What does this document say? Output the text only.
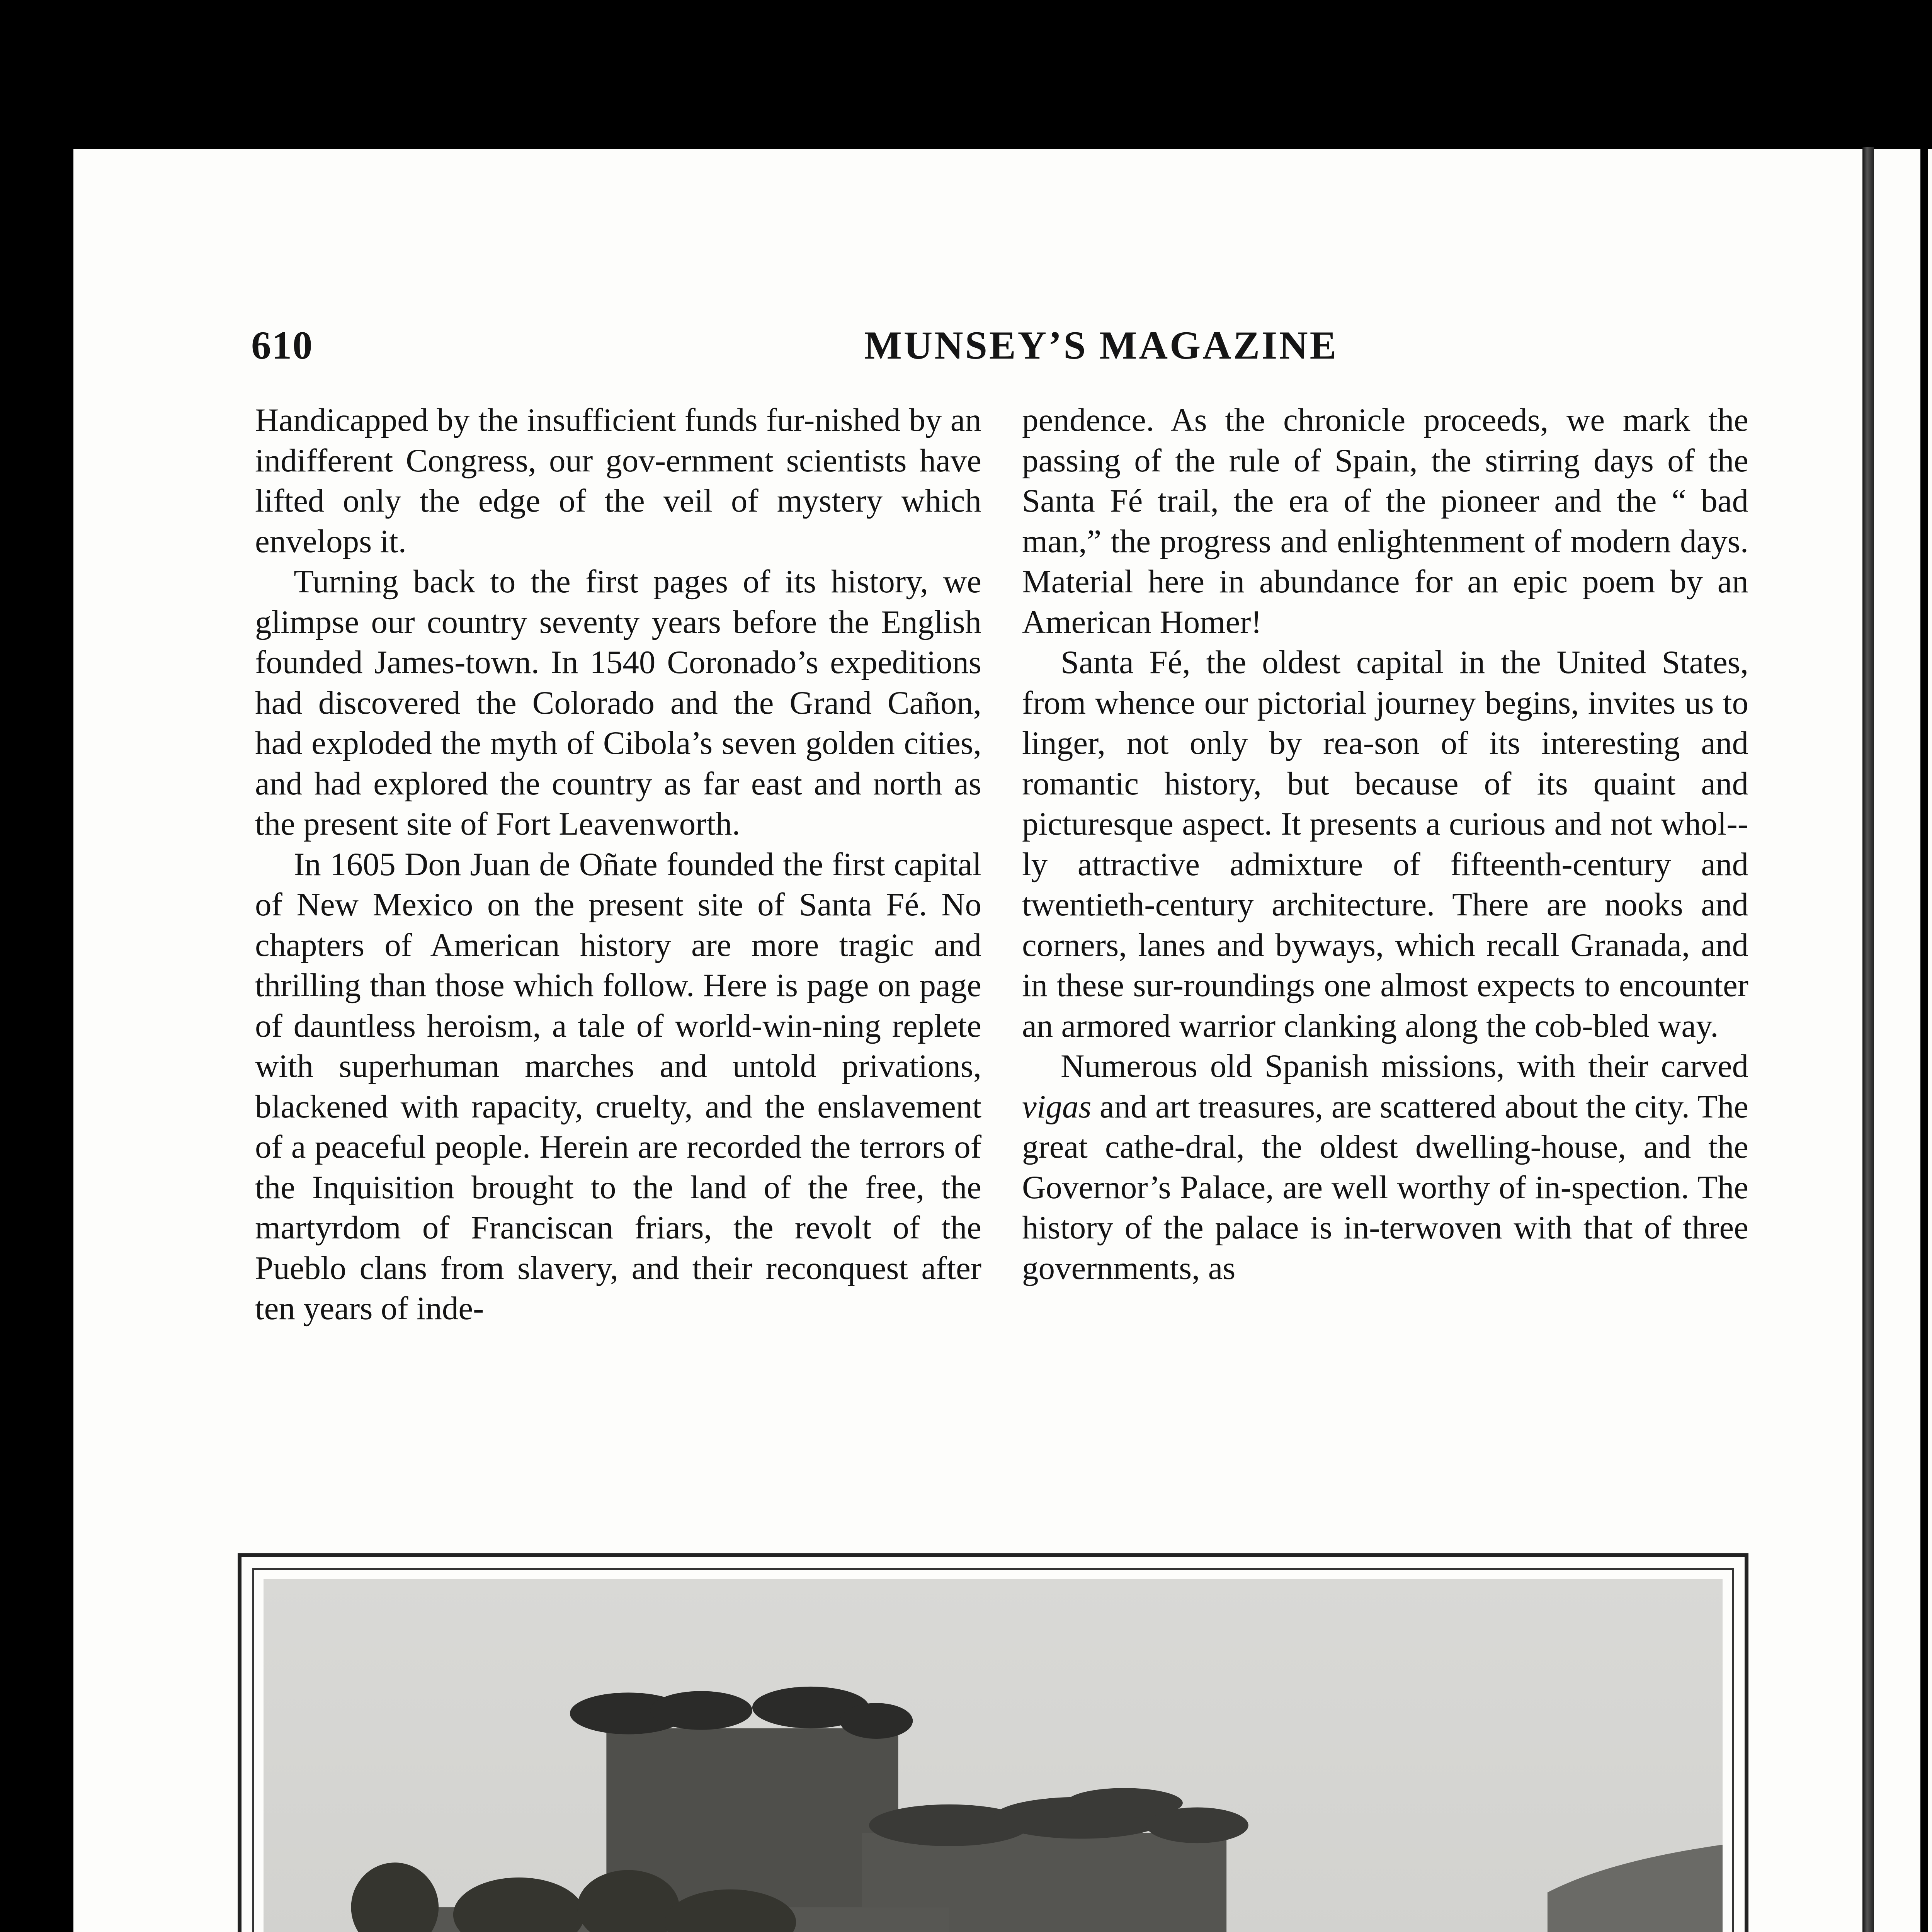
610	MUNSEY’S MAGAZINE

Handicapped by the insufficient funds fur-nished by an indifferent Congress, our gov-ernment scientists have lifted only the edge of the veil of mystery which envelops it.

Turning back to the first pages of its history, we glimpse our country seventy years before the English founded James-town. In 1540 Coronado’s expeditions had discovered the Colorado and the Grand Cañon, had exploded the myth of Cibola’s seven golden cities, and had explored the country as far east and north as the present site of Fort Leavenworth.

In 1605 Don Juan de Oñate founded the first capital of New Mexico on the present site of Santa Fé. No chapters of American history are more tragic and thrilling than those which follow. Here is page on page of dauntless heroism, a tale of world-win-ning replete with superhuman marches and untold privations, blackened with rapacity, cruelty, and the enslavement of a peaceful people. Herein are recorded the terrors of the Inquisition brought to the land of the free, the martyrdom of Franciscan friars, the revolt of the Pueblo clans from slavery, and their reconquest after ten years of inde-

pendence. As the chronicle proceeds, we mark the passing of the rule of Spain, the stirring days of the Santa Fé trail, the era of the pioneer and the “ bad man,” the progress and enlightenment of modern days. Material here in abundance for an epic poem by an American Homer!

Santa Fé, the oldest capital in the United States, from whence our pictorial journey begins, invites us to linger, not only by rea-son of its interesting and romantic history, but because of its quaint and picturesque aspect. It presents a curious and not whol-ly attractive admixture of fifteenth-century and twentieth-century architecture. There are nooks and corners, lanes and byways, which recall Granada, and in these sur-roundings one almost expects to encounter an armored warrior clanking along the cob-bled way.

Numerous old Spanish missions, with their carved vigas and art treasures, are scattered about the city. The great cathe-dral, the oldest dwelling-house, and the Governor’s Palace, are well worthy of in-spection. The history of the palace is in-terwoven with that of three governments, as
